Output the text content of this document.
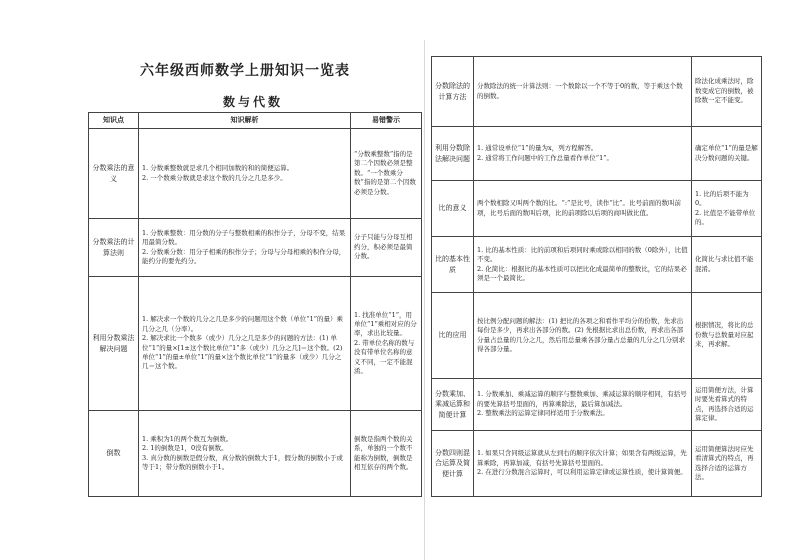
六年级西师数学上册知识一览表
数与代数
知识点	知识解析	易错警示
分数乘法的意义	1. 分数乘整数就是求几个相同加数的和的简便运算。
2. 一个数乘分数就是求这个数的几分之几是多少。	“分数乘整数”指的是第二个因数必须是整数。“一个数乘分数”指的是第二个因数必须是分数。
分数乘法的计算法则	1. 分数乘整数：用分数的分子与整数相乘的积作分子，分母不变，结果用最简分数。
2. 分数乘分数：用分子相乘的积作分子；分母与分母相乘的积作分母，能约分的要先约分。	分子只能与分母互相约分，积必须是最简分数。
利用分数乘法解决问题	1. 解决求一个数的几分之几是多少的问题用这个数（单位“1”的量）乘几分之几（分率）。
2. 解决求比一个数多（或少）几分之几是多少的问题的方法：(1) 单位“1”的量×[1±这个数比单位“1”多（或少）几分之几]＝这个数。(2) 单位“1”的量±单位“1”的量×这个数比单位“1”的量多（或少）几分之几＝这个数。	1. 找准单位“1”，用单位“1”乘相对应的分率，求出比较量。
2. 带单位名称的数与没有带单位名称的意义不同，一定不能混淆。
倒数	1. 乘积为1的两个数互为倒数。
2. 1的倒数是1，0没有倒数。
3. 真分数的倒数是假分数，真分数的倒数大于1，假分数的倒数小于或等于1；带分数的倒数小于1。	倒数是指两个数的关系，单独的一个数不能称为倒数，倒数是相互依存的两个数。
分数除法的计算方法	分数除法的统一计算法则：一个数除以一个不等于0的数，等于乘这个数的倒数。	除法化成乘法时，除数变成它的倒数，被除数一定不能变。
利用分数除法解决问题	1. 通常设单位“1”的量为x，列方程解答。
2. 通常将工作问题中的工作总量看作单位“1”。	确定单位“1”的量是解决分数问题的关键。
比的意义	两个数相除又叫两个数的比。“:”是比号，读作“比”。比号前面的数叫前项，比号后面的数叫后项，比的前项除以后项的商叫做比值。	1. 比的后项不能为0。
2. 比值是不能带单位的。
比的基本性质	1. 比的基本性质：比的前项和后项同时乘或除以相同的数（0除外），比值不变。
2. 化简比：根据比的基本性质可以把比化成最简单的整数比，它的结果必须是一个最简比。	化简比与求比值不能混淆。
比的应用	按比例分配问题的解法：(1) 把比的各项之和看作平均分的份数，先求出每份是多少，再求出各部分的数。(2) 先根据比求出总份数，再求出各部分量占总量的几分之几，然后用总量乘各部分量占总量的几分之几分别求得各部分量。	根据情况，将比的总份数与总数量对应起来，再求解。
分数乘加、乘减运算和简便计算	1. 分数乘加、乘减运算的顺序与整数乘加、乘减运算的顺序相同，有括号的要先算括号里面的，再算乘除法，最后算加减法。
2. 整数乘法的运算定律同样适用于分数乘法。	运用简便方法，计算时要先看算式的特点，再选择合适的运算定律。
分数四则混合运算及简便计算	1. 如果只含同级运算就从左到右的顺序依次计算；如果含有两级运算，先算乘除，再算加减，有括号先算括号里面的。
2. 在进行分数混合运算时，可以利用运算定律或运算性质，使计算简便。	运用简便算法时应先看清算式的特点，再选择合适的运算方法。
